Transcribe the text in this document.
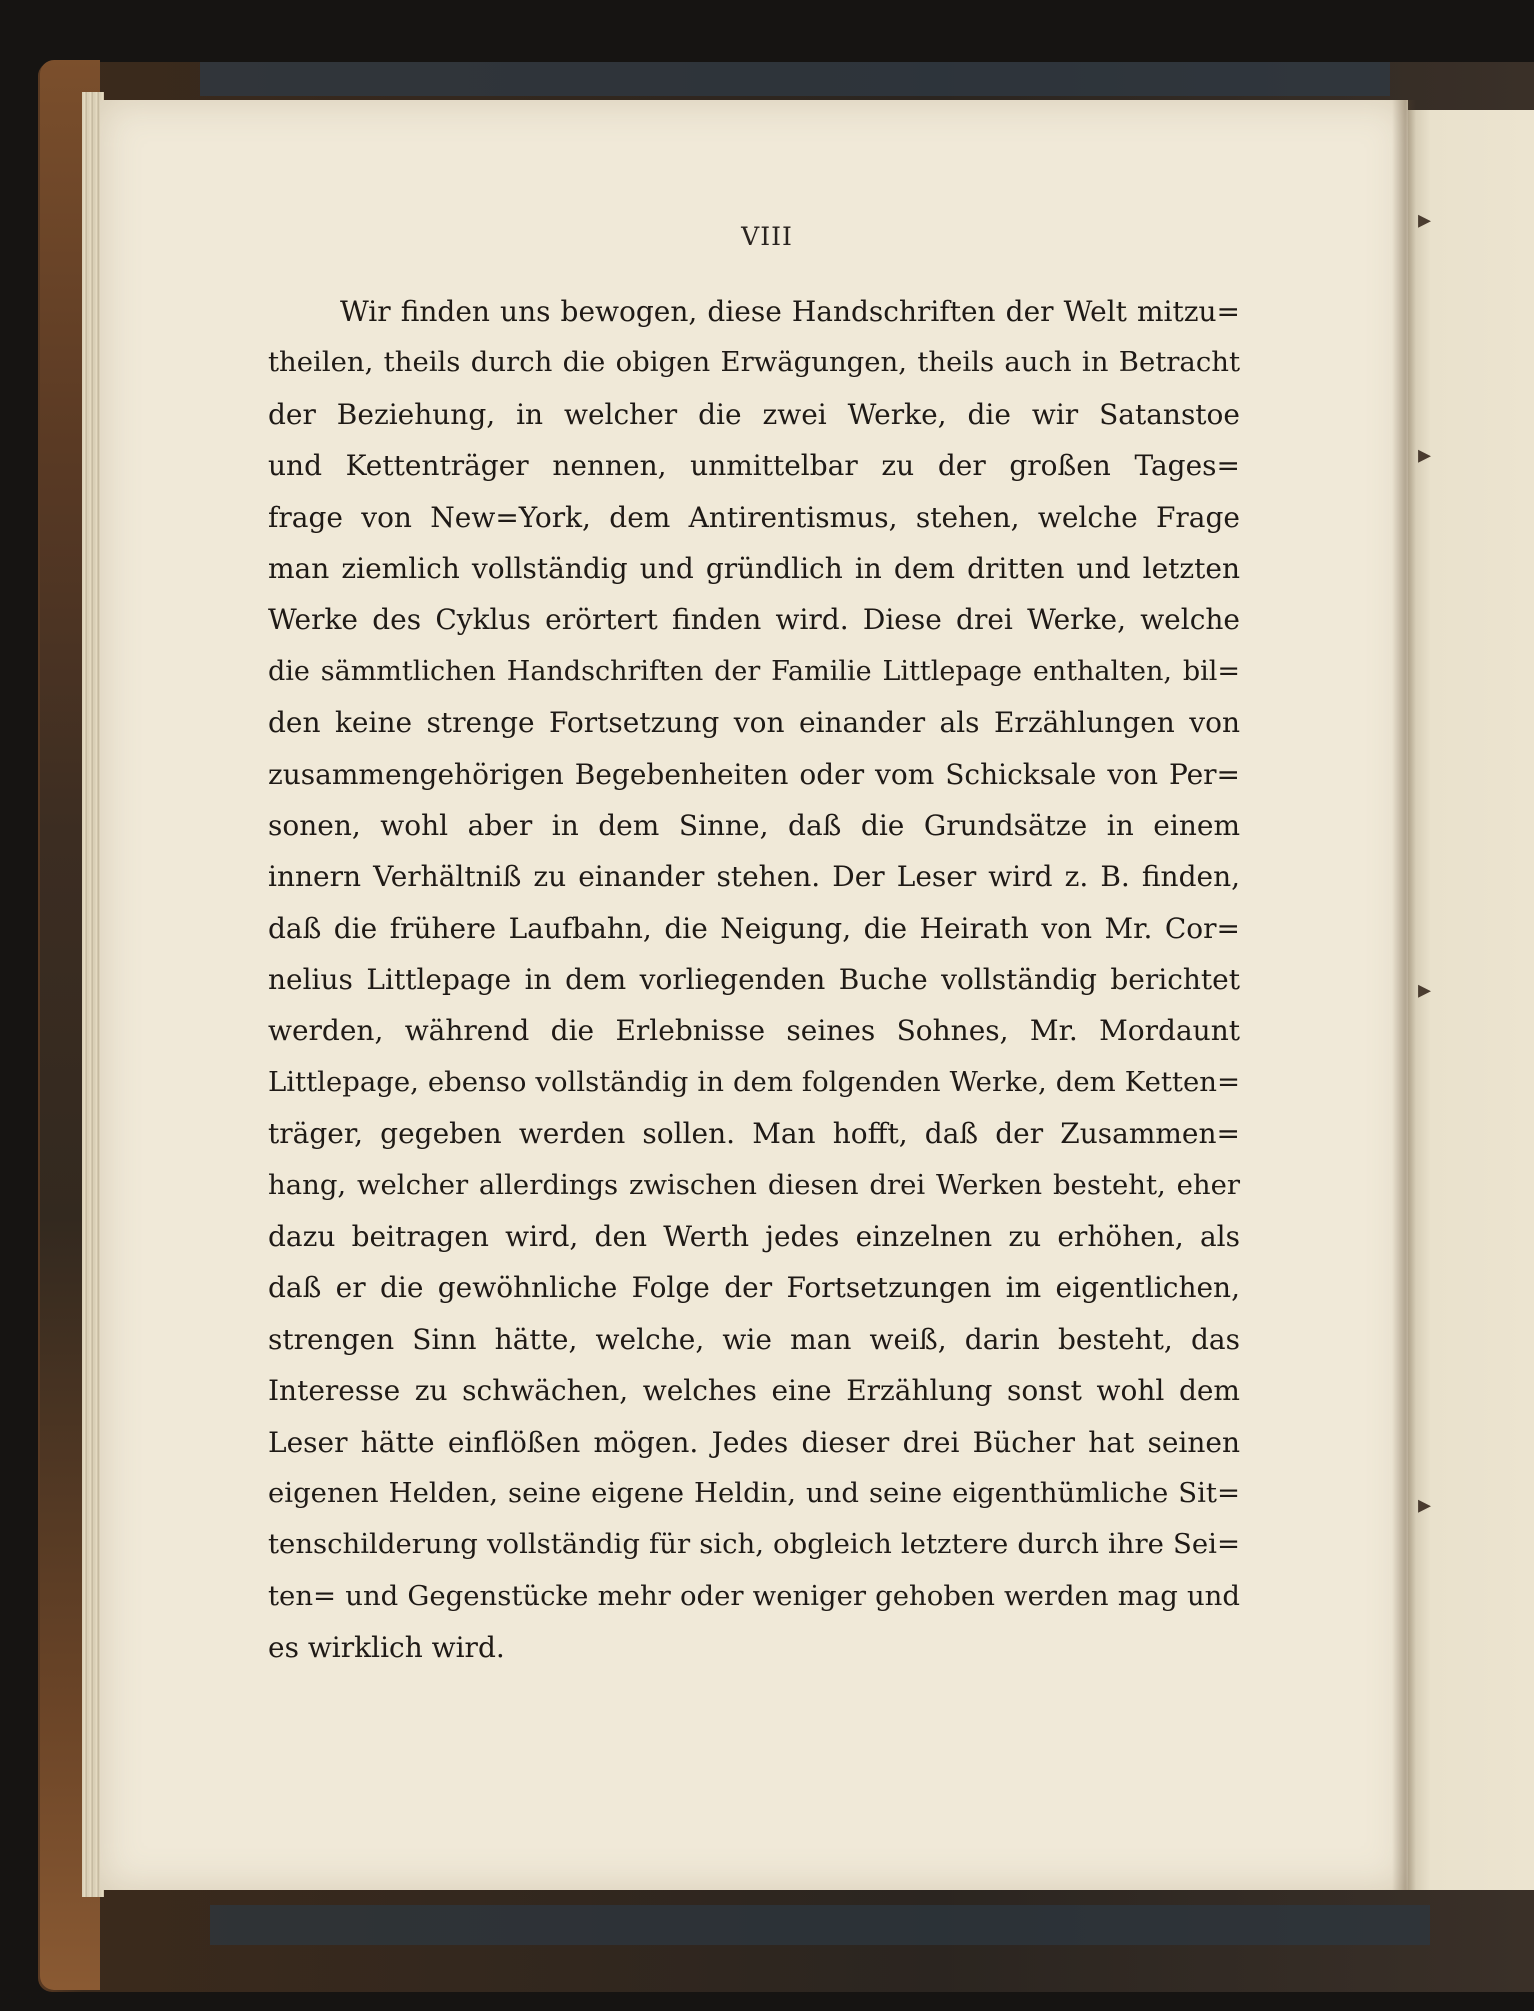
▸
▸
▸
▸
VIII
Wir finden uns bewogen, diese Handschriften der Welt mitzu=
theilen, theils durch die obigen Erwägungen, theils auch in Betracht
der Beziehung, in welcher die zwei Werke, die wir Satanstoe
und Kettenträger nennen, unmittelbar zu der großen Tages=
frage von New=York, dem Antirentismus, stehen, welche Frage
man ziemlich vollständig und gründlich in dem dritten und letzten
Werke des Cyklus erörtert finden wird. Diese drei Werke, welche
die sämmtlichen Handschriften der Familie Littlepage enthalten, bil=
den keine strenge Fortsetzung von einander als Erzählungen von
zusammengehörigen Begebenheiten oder vom Schicksale von Per=
sonen, wohl aber in dem Sinne, daß die Grundsätze in einem
innern Verhältniß zu einander stehen. Der Leser wird z. B. finden,
daß die frühere Laufbahn, die Neigung, die Heirath von Mr. Cor=
nelius Littlepage in dem vorliegenden Buche vollständig berichtet
werden, während die Erlebnisse seines Sohnes, Mr. Mordaunt
Littlepage, ebenso vollständig in dem folgenden Werke, dem Ketten=
träger, gegeben werden sollen. Man hofft, daß der Zusammen=
hang, welcher allerdings zwischen diesen drei Werken besteht, eher
dazu beitragen wird, den Werth jedes einzelnen zu erhöhen, als
daß er die gewöhnliche Folge der Fortsetzungen im eigentlichen,
strengen Sinn hätte, welche, wie man weiß, darin besteht, das
Interesse zu schwächen, welches eine Erzählung sonst wohl dem
Leser hätte einflößen mögen. Jedes dieser drei Bücher hat seinen
eigenen Helden, seine eigene Heldin, und seine eigenthümliche Sit=
tenschilderung vollständig für sich, obgleich letztere durch ihre Sei=
ten= und Gegenstücke mehr oder weniger gehoben werden mag und
es wirklich wird.
